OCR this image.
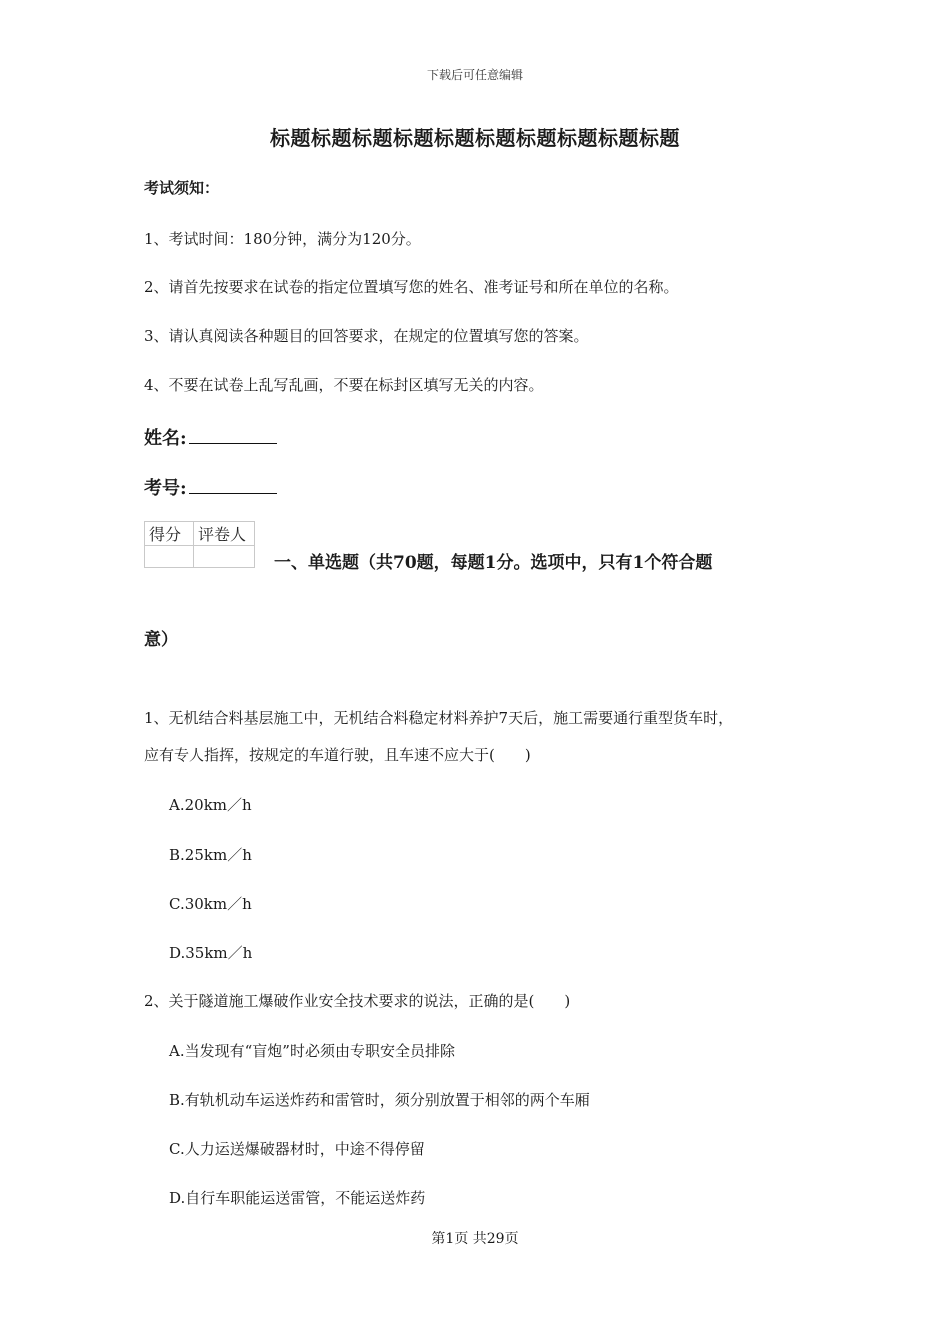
下载后可任意编辑
标题标题标题标题标题标题标题标题标题标题
考试须知：
1、考试时间：180分钟，满分为120分。
2、请首先按要求在试卷的指定位置填写您的姓名、准考证号和所在单位的名称。
3、请认真阅读各种题目的回答要求，在规定的位置填写您的答案。
4、不要在试卷上乱写乱画，不要在标封区填写无关的内容。
姓名:
考号:
得分	评卷人

一、单选题（共70题，每题1分。选项中，只有1个符合题
意）
1、无机结合料基层施工中，无机结合料稳定材料养护7天后，施工需要通行重型货车时，
应有专人指挥，按规定的车道行驶，且车速不应大于(　　)
A.20km／h
B.25km／h
C.30km／h
D.35km／h
2、关于隧道施工爆破作业安全技术要求的说法，正确的是(　　)
A.当发现有“盲炮”时必须由专职安全员排除
B.有轨机动车运送炸药和雷管时，须分别放置于相邻的两个车厢
C.人力运送爆破器材时，中途不得停留
D.自行车职能运送雷管，不能运送炸药
第1页 共29页
